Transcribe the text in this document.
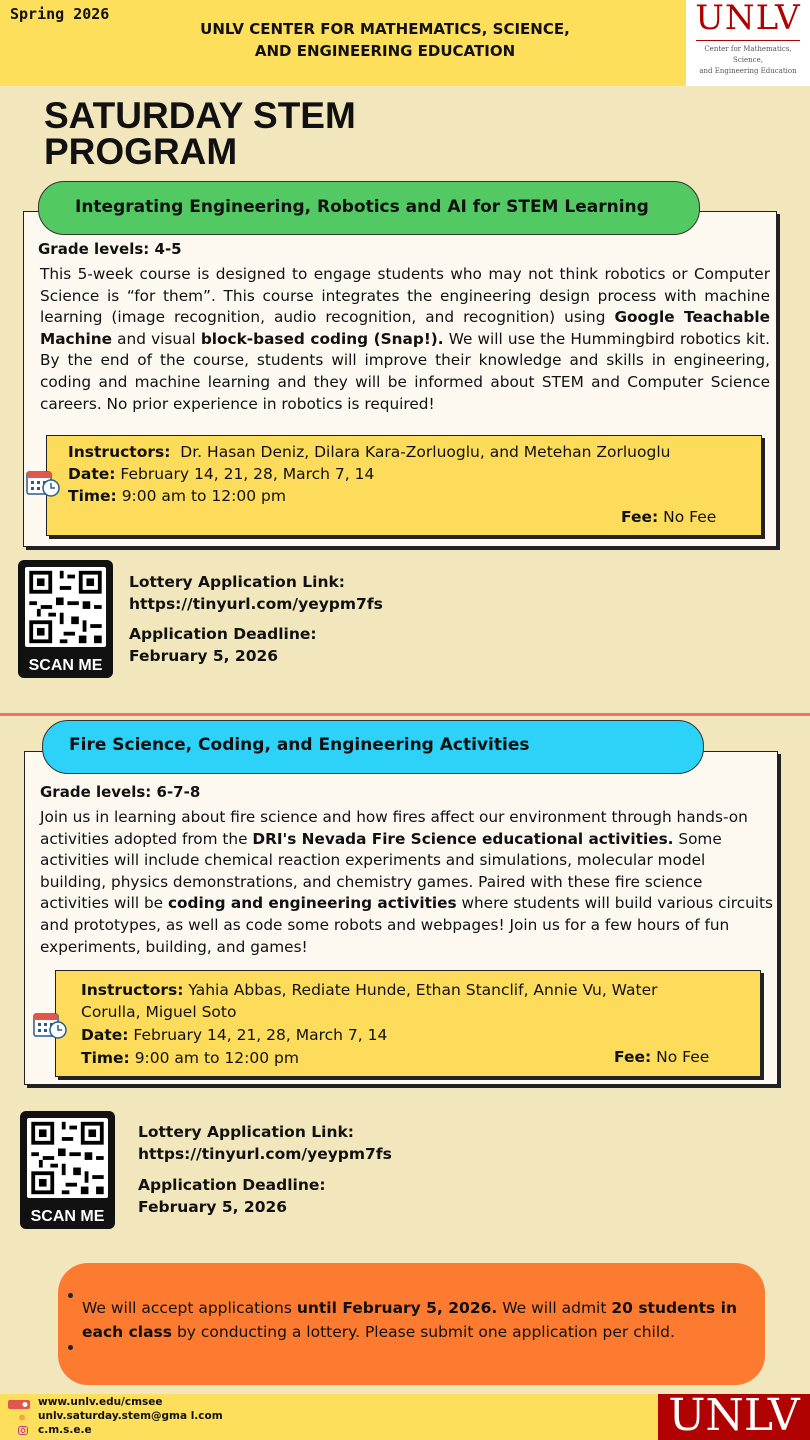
Spring 2026
UNLV CENTER FOR MATHEMATICS, SCIENCE,
AND ENGINEERING EDUCATION
UNLV
Center for Mathematics, Science,
and Engineering Education
SATURDAY STEM
PROGRAM
Integrating Engineering, Robotics and AI for STEM Learning
Grade levels: 4-5
This 5-week course is designed to engage students who may not think robotics or Computer Science is “for them”. This course integrates the engineering design process with machine learning (image recognition, audio recognition, and recognition) using Google Teachable Machine and visual block-based coding (Snap!). We will use the Hummingbird robotics kit. By the end of the course, students will improve their knowledge and skills in engineering, coding and machine learning and they will be informed about STEM and Computer Science careers. No prior experience in robotics is required!
Instructors: Dr. Hasan Deniz, Dilara Kara-Zorluoglu, and Metehan Zorluoglu
Date: February 14, 21, 28, March 7, 14
Time: 9:00 am to 12:00 pm
Fee: No Fee
SCAN ME
Lottery Application Link:
https://tinyurl.com/yeypm7fs
Application Deadline:
February 5, 2026
Fire Science, Coding, and Engineering Activities
Grade levels: 6-7-8
Join us in learning about fire science and how fires affect our environment through hands-on activities adopted from the DRI's Nevada Fire Science educational activities. Some activities will include chemical reaction experiments and simulations, molecular model building, physics demonstrations, and chemistry games. Paired with these fire science activities will be coding and engineering activities where students will build various circuits and prototypes, as well as code some robots and webpages! Join us for a few hours of fun experiments, building, and games!
Instructors: Yahia Abbas, Rediate Hunde, Ethan Stanclif, Annie Vu, Water Corulla, Miguel Soto
Date: February 14, 21, 28, March 7, 14
Time: 9:00 am to 12:00 pm	Fee: No Fee
SCAN ME
Lottery Application Link:
https://tinyurl.com/yeypm7fs
Application Deadline:
February 5, 2026
We will accept applications until February 5, 2026. We will admit 20 students in each class by conducting a lottery. Please submit one application per child.
www.unlv.edu/cmsee
unlv.saturday.stem@gma l.com
c.m.s.e.e	UNLV
